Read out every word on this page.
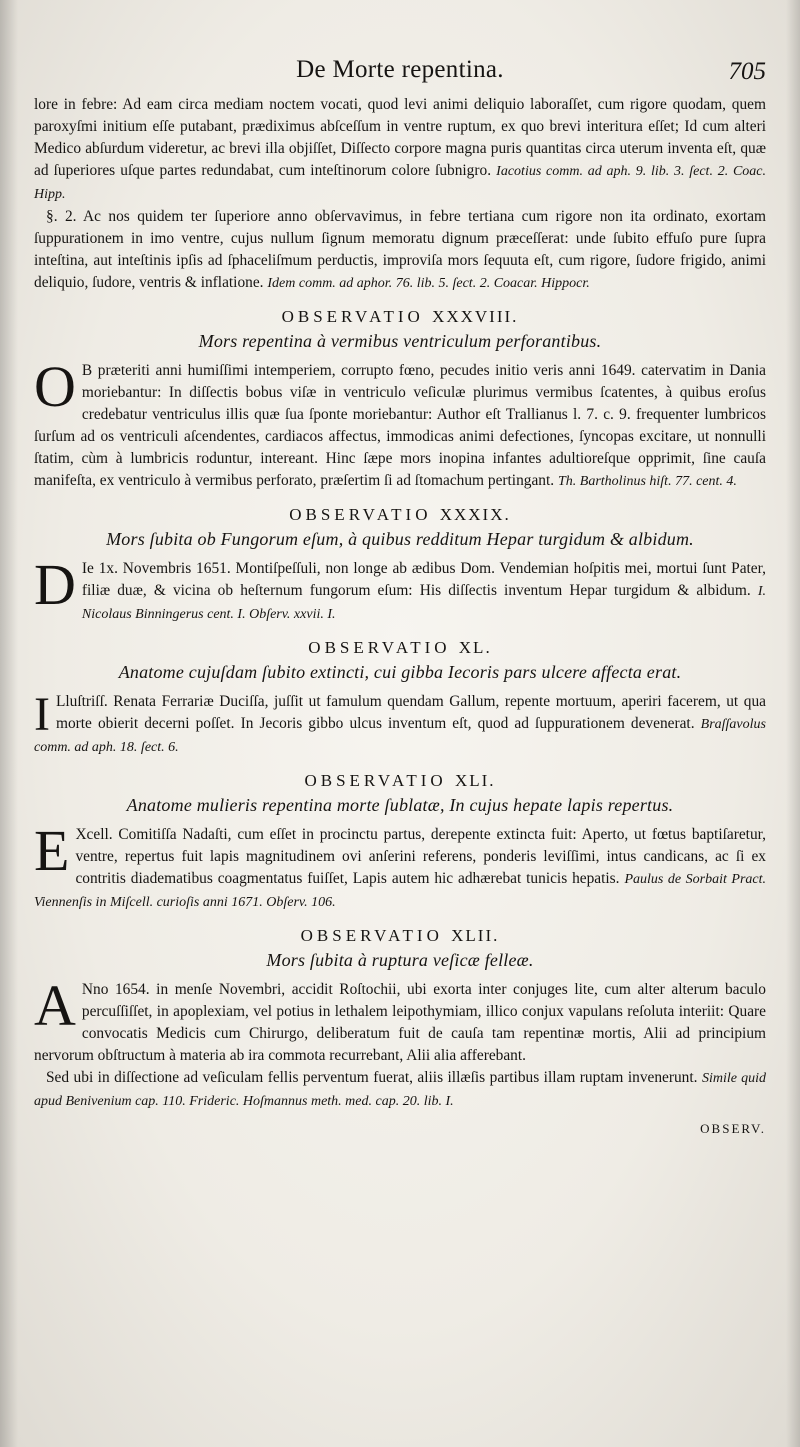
De Morte repentina.	705

lore in febre: Ad eam circa mediam noctem vocati, quod levi animi deliquio laboraſſet, cum rigore quodam, quem paroxyſmi initium eſſe putabant, prædiximus abſceſſum in ventre ruptum, ex quo brevi interitura eſſet; Id cum alteri Medico abſurdum videretur, ac brevi illa objiſſet, Diſſecto corpore magna puris quantitas circa uterum inventa eſt, quæ ad ſuperiores uſque partes redundabat, cum inteſtinorum colore ſubnigro. Iacotius comm. ad aph. 9. lib. 3. ſect. 2. Coac. Hipp.

§. 2. Ac nos quidem ter ſuperiore anno obſervavimus, in febre tertiana cum rigore non ita ordinato, exortam ſuppurationem in imo ventre, cujus nullum ſignum memoratu dignum præceſſerat: unde ſubito effuſo pure ſupra inteſtina, aut inteſtinis ipſis ad ſphaceliſmum perductis, improviſa mors ſequuta eſt, cum rigore, ſudore frigido, animi deliquio, ſudore, ventris & inflatione. Idem comm. ad aphor. 76. lib. 5. ſect. 2. Coacar. Hippocr.

OBSERVATIO XXXVIII.
Mors repentina à vermibus ventriculum perforantibus.

O B præteriti anni humiſſimi intemperiem, corrupto fœno, pecudes initio veris anni 1649. catervatim in Dania moriebantur: In diſſectis bobus viſæ in ventriculo veſiculæ plurimus vermibus ſcatentes, à quibus eroſus credebatur ventriculus illis quæ ſua ſponte moriebantur: Author eſt Trallianus l. 7. c. 9. frequenter lumbricos ſurſum ad os ventriculi aſcendentes, cardiacos affectus, immodicas animi defectiones, ſyncopas excitare, ut nonnulli ſtatim, cùm à lumbricis roduntur, intereant. Hinc ſæpe mors inopina infantes adultioreſque opprimit, ſine cauſa manifeſta, ex ventriculo à vermibus perforato, præſertim ſi ad ſtomachum pertingant. Th. Bartholinus hiſt. 77. cent. 4.

OBSERVATIO XXXIX.
Mors ſubita ob Fungorum eſum, à quibus redditum Hepar turgidum & albidum.

D Ie 1x. Novembris 1651. Montiſpeſſuli, non longe ab ædibus Dom. Vendemian hoſpitis mei, mortui ſunt Pater, filiæ duæ, & vicina ob heſternum fungorum eſum: His diſſectis inventum Hepar turgidum & albidum. I. Nicolaus Binningerus cent. I. Obſerv. xxvii. I.

OBSERVATIO XL.
Anatome cujuſdam ſubito extincti, cui gibba Iecoris pars ulcere affecta erat.

I Lluſtriſſ. Renata Ferrariæ Duciſſa, juſſit ut famulum quendam Gallum, repente mortuum, aperiri facerem, ut qua morte obierit decerni poſſet. In Jecoris gibbo ulcus inventum eſt, quod ad ſuppurationem devenerat. Braſſavolus comm. ad aph. 18. ſect. 6.

OBSERVATIO XLI.
Anatome mulieris repentina morte ſublatæ, In cujus hepate lapis repertus.

E Xcell. Comitiſſa Nadaſti, cum eſſet in procinctu partus, derepente extincta fuit: Aperto, ut fœtus baptiſaretur, ventre, repertus fuit lapis magnitudinem ovi anſerini referens, ponderis leviſſimi, intus candicans, ac ſi ex contritis diadematibus coagmentatus fuiſſet, Lapis autem hic adhærebat tunicis hepatis. Paulus de Sorbait Pract. Viennenſis in Miſcell. curioſis anni 1671. Obſerv. 106.

OBSERVATIO XLII.
Mors ſubita à ruptura veſicæ felleæ.

A Nno 1654. in menſe Novembri, accidit Roſtochii, ubi exorta inter conjuges lite, cum alter alterum baculo percuſſiſſet, in apoplexiam, vel potius in lethalem leipothymiam, illico conjux vapulans reſoluta interiit: Quare convocatis Medicis cum Chirurgo, deliberatum fuit de cauſa tam repentinæ mortis, Alii ad principium nervorum obſtructum à materia ab ira commota recurrebant, Alii alia afferebant.

Sed ubi in diſſectione ad veſiculam fellis perventum fuerat, aliis illæſis partibus illam ruptam invenerunt. Simile quid apud Benivenium cap. 110. Frideric. Hoſmannus meth. med. cap. 20. lib. I.

OBSERV.
